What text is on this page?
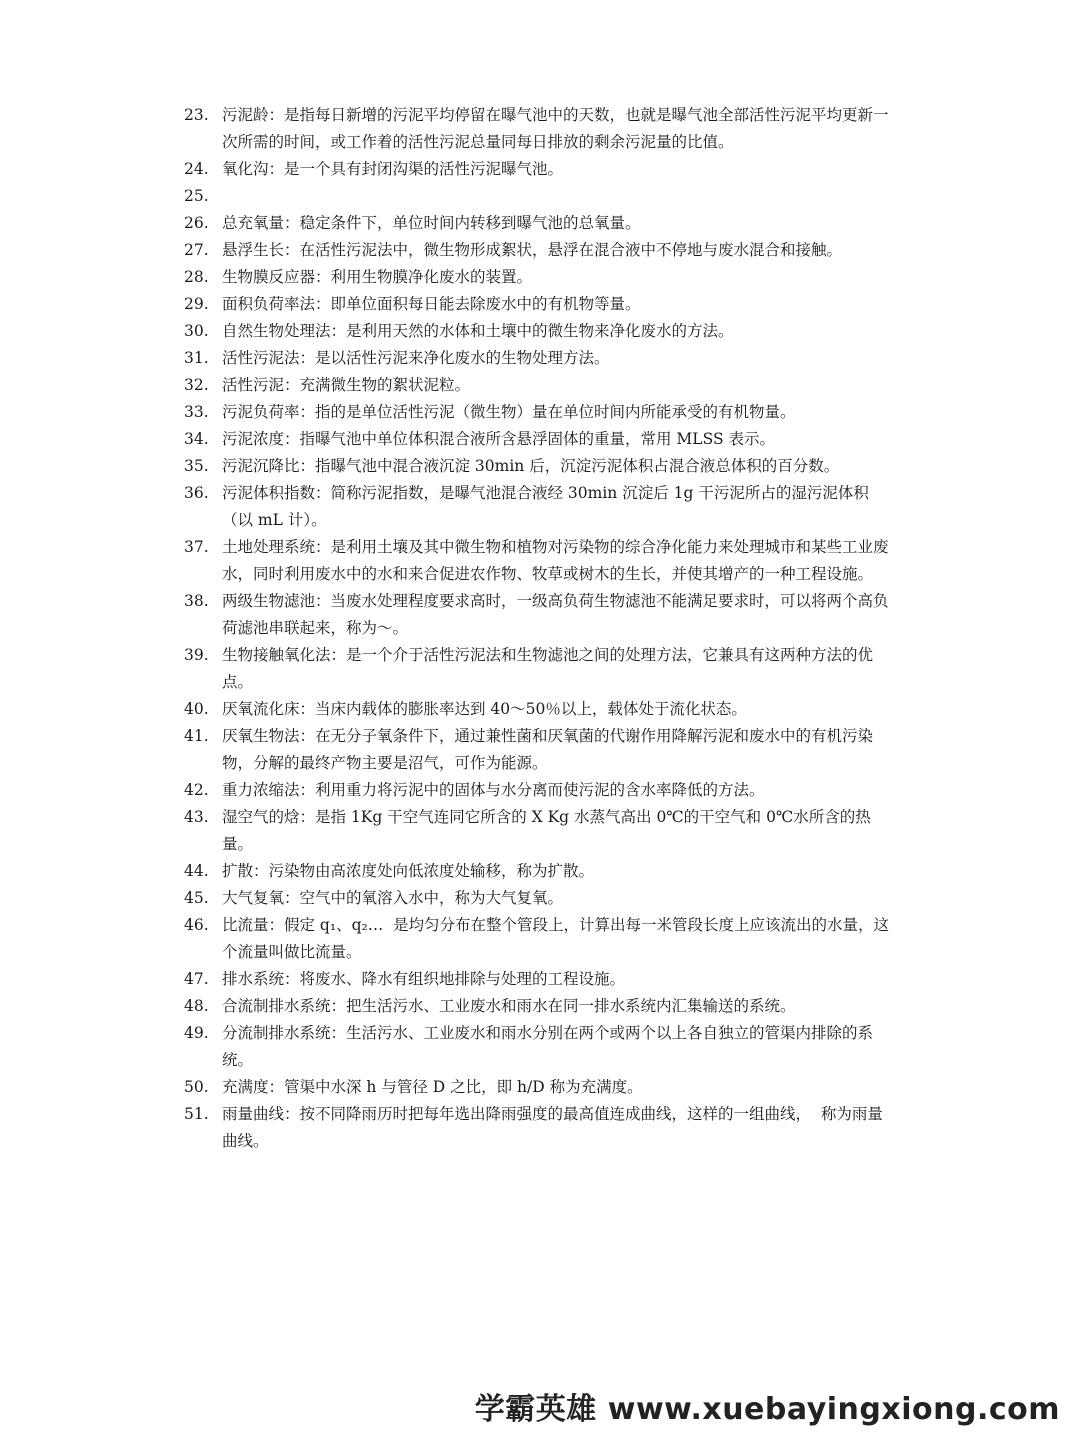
23. 污泥龄：是指每日新增的污泥平均停留在曝气池中的天数，也就是曝气池全部活性污泥平均更新一次所需的时间，或工作着的活性污泥总量同每日排放的剩余污泥量的比值。
24. 氧化沟：是一个具有封闭沟渠的活性污泥曝气池。
25.
26. 总充氧量：稳定条件下，单位时间内转移到曝气池的总氧量。
27. 悬浮生长：在活性污泥法中，微生物形成絮状，悬浮在混合液中不停地与废水混合和接触。
28. 生物膜反应器：利用生物膜净化废水的装置。
29. 面积负荷率法：即单位面积每日能去除废水中的有机物等量。
30. 自然生物处理法：是利用天然的水体和土壤中的微生物来净化废水的方法。
31. 活性污泥法：是以活性污泥来净化废水的生物处理方法。
32. 活性污泥：充满微生物的絮状泥粒。
33. 污泥负荷率：指的是单位活性污泥（微生物）量在单位时间内所能承受的有机物量。
34. 污泥浓度：指曝气池中单位体积混合液所含悬浮固体的重量，常用 MLSS 表示。
35. 污泥沉降比：指曝气池中混合液沉淀 30min 后，沉淀污泥体积占混合液总体积的百分数。
36. 污泥体积指数：简称污泥指数，是曝气池混合液经 30min 沉淀后 1g 干污泥所占的湿污泥体积（以 mL 计）。
37. 土地处理系统：是利用土壤及其中微生物和植物对污染物的综合净化能力来处理城市和某些工业废水，同时利用废水中的水和来合促进农作物、牧草或树木的生长，并使其增产的一种工程设施。
38. 两级生物滤池：当废水处理程度要求高时，一级高负荷生物滤池不能满足要求时，可以将两个高负荷滤池串联起来，称为～。
39. 生物接触氧化法：是一个介于活性污泥法和生物滤池之间的处理方法，它兼具有这两种方法的优点。
40. 厌氧流化床：当床内载体的膨胀率达到 40～50％以上，载体处于流化状态。
41. 厌氧生物法：在无分子氧条件下，通过兼性菌和厌氧菌的代谢作用降解污泥和废水中的有机污染物，分解的最终产物主要是沼气，可作为能源。
42. 重力浓缩法：利用重力将污泥中的固体与水分离而使污泥的含水率降低的方法。
43. 湿空气的焓：是指 1Kg 干空气连同它所含的 X Kg 水蒸气高出 0℃的干空气和 0℃水所含的热量。
44. 扩散：污染物由高浓度处向低浓度处输移，称为扩散。
45. 大气复氧：空气中的氧溶入水中，称为大气复氧。
46. 比流量：假定 q₁、q₂…  是均匀分布在整个管段上，计算出每一米管段长度上应该流出的水量，这个流量叫做比流量。
47. 排水系统：将废水、降水有组织地排除与处理的工程设施。
48. 合流制排水系统：把生活污水、工业废水和雨水在同一排水系统内汇集输送的系统。
49. 分流制排水系统：生活污水、工业废水和雨水分别在两个或两个以上各自独立的管渠内排除的系统。
50. 充满度：管渠中水深 h 与管径 D 之比，即 h/D 称为充满度。
51. 雨量曲线：按不同降雨历时把每年选出降雨强度的最高值连成曲线，这样的一组曲线，  称为雨量曲线。
学霸英雄 www.xuebayingxiong.com
